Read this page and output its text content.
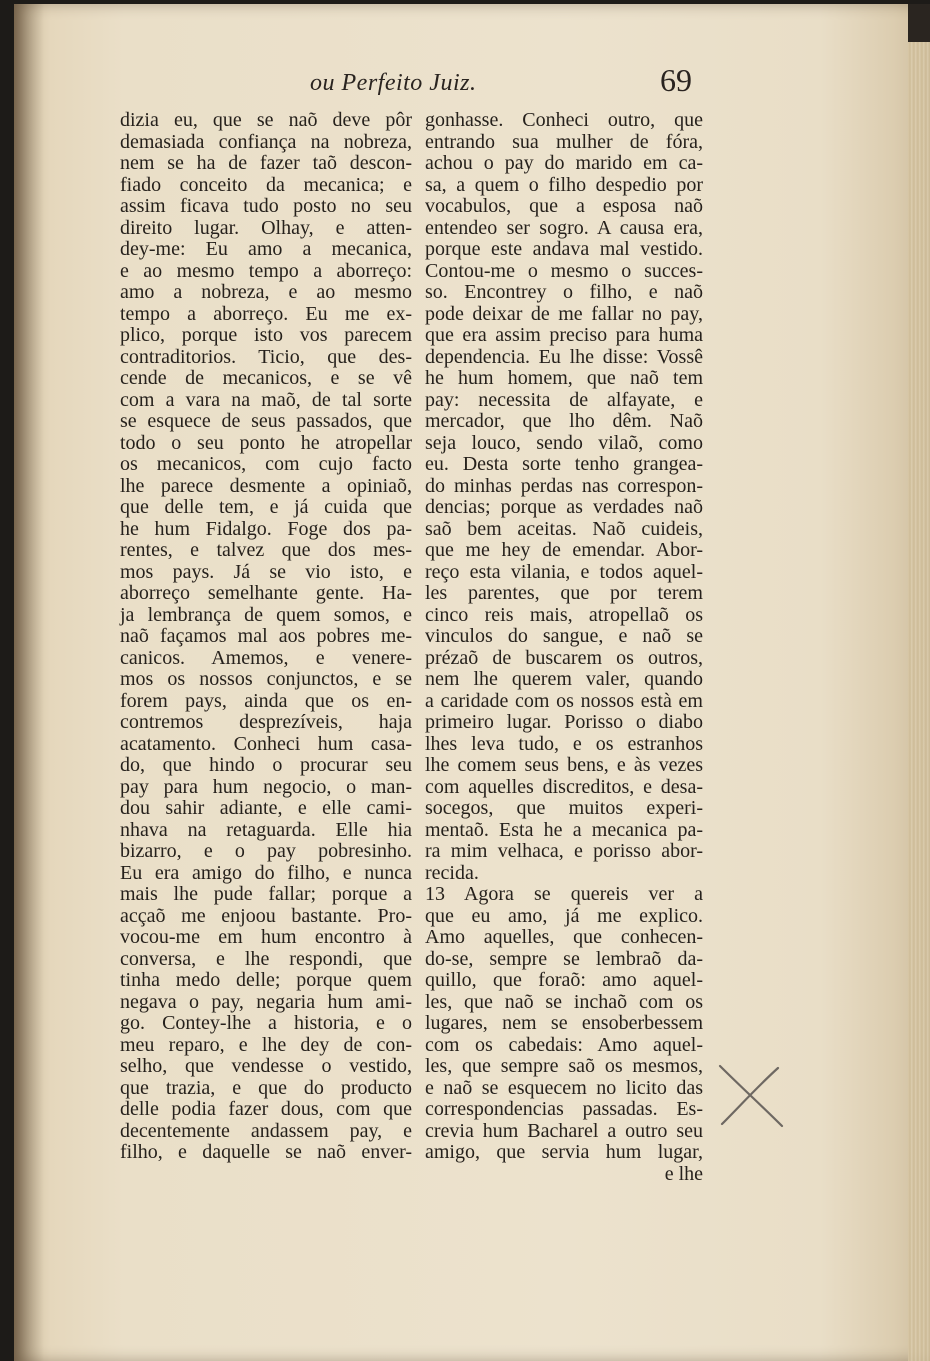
ou Perfeito Juiz.	69
dizia eu, que se naõ deve pôr
demasiada confiança na nobreza,
nem se ha de fazer taõ descon-
fiado conceito da mecanica; e
assim ficava tudo posto no seu
direito lugar. Olhay, e atten-
dey-me: Eu amo a mecanica,
e ao mesmo tempo a aborreço:
amo a nobreza, e ao mesmo
tempo a aborreço. Eu me ex-
plico, porque isto vos parecem
contraditorios. Ticio, que des-
cende de mecanicos, e se vê
com a vara na maõ, de tal sorte
se esquece de seus passados, que
todo o seu ponto he atropellar
os mecanicos, com cujo facto
lhe parece desmente a opiniaõ,
que delle tem, e já cuida que
he hum Fidalgo. Foge dos pa-
rentes, e talvez que dos mes-
mos pays. Já se vio isto, e
aborreço semelhante gente. Ha-
ja lembrança de quem somos, e
naõ façamos mal aos pobres me-
canicos. Amemos, e venere-
mos os nossos conjunctos, e se
forem pays, ainda que os en-
contremos desprezíveis, haja
acatamento. Conheci hum casa-
do, que hindo o procurar seu
pay para hum negocio, o man-
dou sahir adiante, e elle cami-
nhava na retaguarda. Elle hia
bizarro, e o pay pobresinho.
Eu era amigo do filho, e nunca
mais lhe pude fallar; porque a
acçaõ me enjoou bastante. Pro-
vocou-me em hum encontro à
conversa, e lhe respondi, que
tinha medo delle; porque quem
negava o pay, negaria hum ami-
go. Contey-lhe a historia, e o
meu reparo, e lhe dey de con-
selho, que vendesse o vestido,
que trazia, e que do producto
delle podia fazer dous, com que
decentemente andassem pay, e
filho, e daquelle se naõ enver-
gonhasse. Conheci outro, que
entrando sua mulher de fóra,
achou o pay do marido em ca-
sa, a quem o filho despedio por
vocabulos, que a esposa naõ
entendeo ser sogro. A causa era,
porque este andava mal vestido.
Contou-me o mesmo o succes-
so. Encontrey o filho, e naõ
pode deixar de me fallar no pay,
que era assim preciso para huma
dependencia. Eu lhe disse: Vossê
he hum homem, que naõ tem
pay: necessita de alfayate, e
mercador, que lho dêm. Naõ
seja louco, sendo vilaõ, como
eu. Desta sorte tenho grangea-
do minhas perdas nas correspon-
dencias; porque as verdades naõ
saõ bem aceitas. Naõ cuideis,
que me hey de emendar. Abor-
reço esta vilania, e todos aquel-
les parentes, que por terem
cinco reis mais, atropellaõ os
vinculos do sangue, e naõ se
prézaõ de buscarem os outros,
nem lhe querem valer, quando
a caridade com os nossos està em
primeiro lugar. Porisso o diabo
lhes leva tudo, e os estranhos
lhe comem seus bens, e às vezes
com aquelles discreditos, e desa-
socegos, que muitos experi-
mentaõ. Esta he a mecanica pa-
ra mim velhaca, e porisso abor-
recida.
13 Agora se quereis ver a
que eu amo, já me explico.
Amo aquelles, que conhecen-
do-se, sempre se lembraõ da-
quillo, que foraõ: amo aquel-
les, que naõ se inchaõ com os
lugares, nem se ensoberbessem
com os cabedais: Amo aquel-
les, que sempre saõ os mesmos,
e naõ se esquecem no licito das
correspondencias passadas. Es-
crevia hum Bacharel a outro seu
amigo, que servia hum lugar,
e lhe
